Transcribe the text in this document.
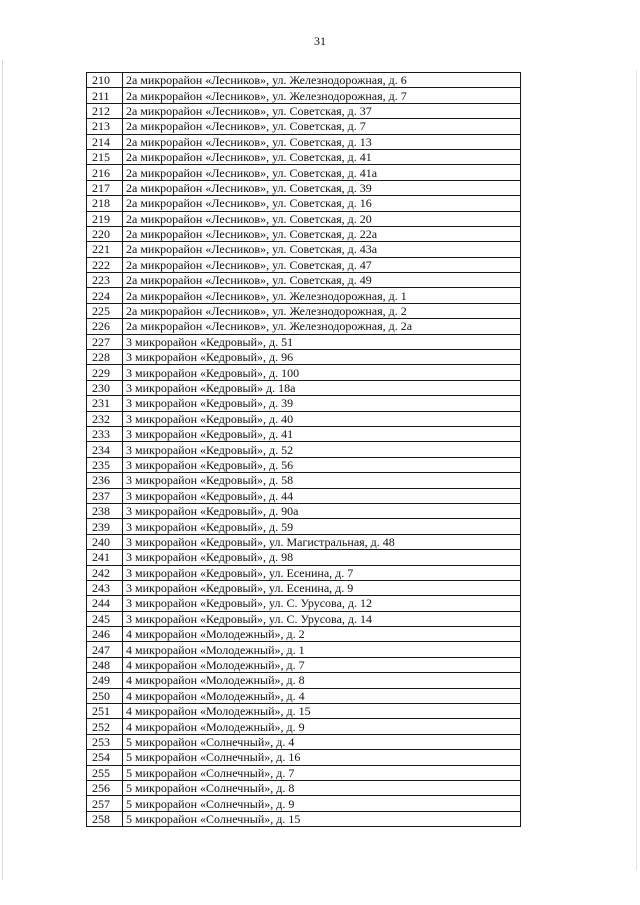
31
210	2а микрорайон «Лесников», ул. Железнодорожная, д. 6
211	2а микрорайон «Лесников», ул. Железнодорожная, д. 7
212	2а микрорайон «Лесников», ул. Советская, д. 37
213	2а микрорайон «Лесников», ул. Советская, д. 7
214	2а микрорайон «Лесников», ул. Советская, д. 13
215	2а микрорайон «Лесников», ул. Советская, д. 41
216	2а микрорайон «Лесников», ул. Советская, д. 41а
217	2а микрорайон «Лесников», ул. Советская, д. 39
218	2а микрорайон «Лесников», ул. Советская, д. 16
219	2а микрорайон «Лесников», ул. Советская, д. 20
220	2а микрорайон «Лесников», ул. Советская, д. 22а
221	2а микрорайон «Лесников», ул. Советская, д. 43а
222	2а микрорайон «Лесников», ул. Советская, д. 47
223	2а микрорайон «Лесников», ул. Советская, д. 49
224	2а микрорайон «Лесников», ул. Железнодорожная, д. 1
225	2а микрорайон «Лесников», ул. Железнодорожная, д. 2
226	2а микрорайон «Лесников», ул. Железнодорожная, д. 2а
227	3 микрорайон «Кедровый», д. 51
228	3 микрорайон «Кедровый», д. 96
229	3 микрорайон «Кедровый», д. 100
230	3 микрорайон «Кедровый» д. 18а
231	3 микрорайон «Кедровый», д. 39
232	3 микрорайон «Кедровый», д. 40
233	3 микрорайон «Кедровый», д. 41
234	3 микрорайон «Кедровый», д. 52
235	3 микрорайон «Кедровый», д. 56
236	3 микрорайон «Кедровый», д. 58
237	3 микрорайон «Кедровый», д. 44
238	3 микрорайон «Кедровый», д. 90а
239	3 микрорайон «Кедровый», д. 59
240	3 микрорайон «Кедровый», ул. Магистральная, д. 48
241	3 микрорайон «Кедровый», д. 98
242	3 микрорайон «Кедровый», ул. Есенина, д. 7
243	3 микрорайон «Кедровый», ул. Есенина, д. 9
244	3 микрорайон «Кедровый», ул. С. Урусова, д. 12
245	3 микрорайон «Кедровый», ул. С. Урусова, д. 14
246	4 микрорайон «Молодежный», д. 2
247	4 микрорайон «Молодежный», д. 1
248	4 микрорайон «Молодежный», д. 7
249	4 микрорайон «Молодежный», д. 8
250	4 микрорайон «Молодежный», д. 4
251	4 микрорайон «Молодежный», д. 15
252	4 микрорайон «Молодежный», д. 9
253	5 микрорайон «Солнечный», д. 4
254	5 микрорайон «Солнечный», д. 16
255	5 микрорайон «Солнечный», д. 7
256	5 микрорайон «Солнечный», д. 8
257	5 микрорайон «Солнечный», д. 9
258	5 микрорайон «Солнечный», д. 15
